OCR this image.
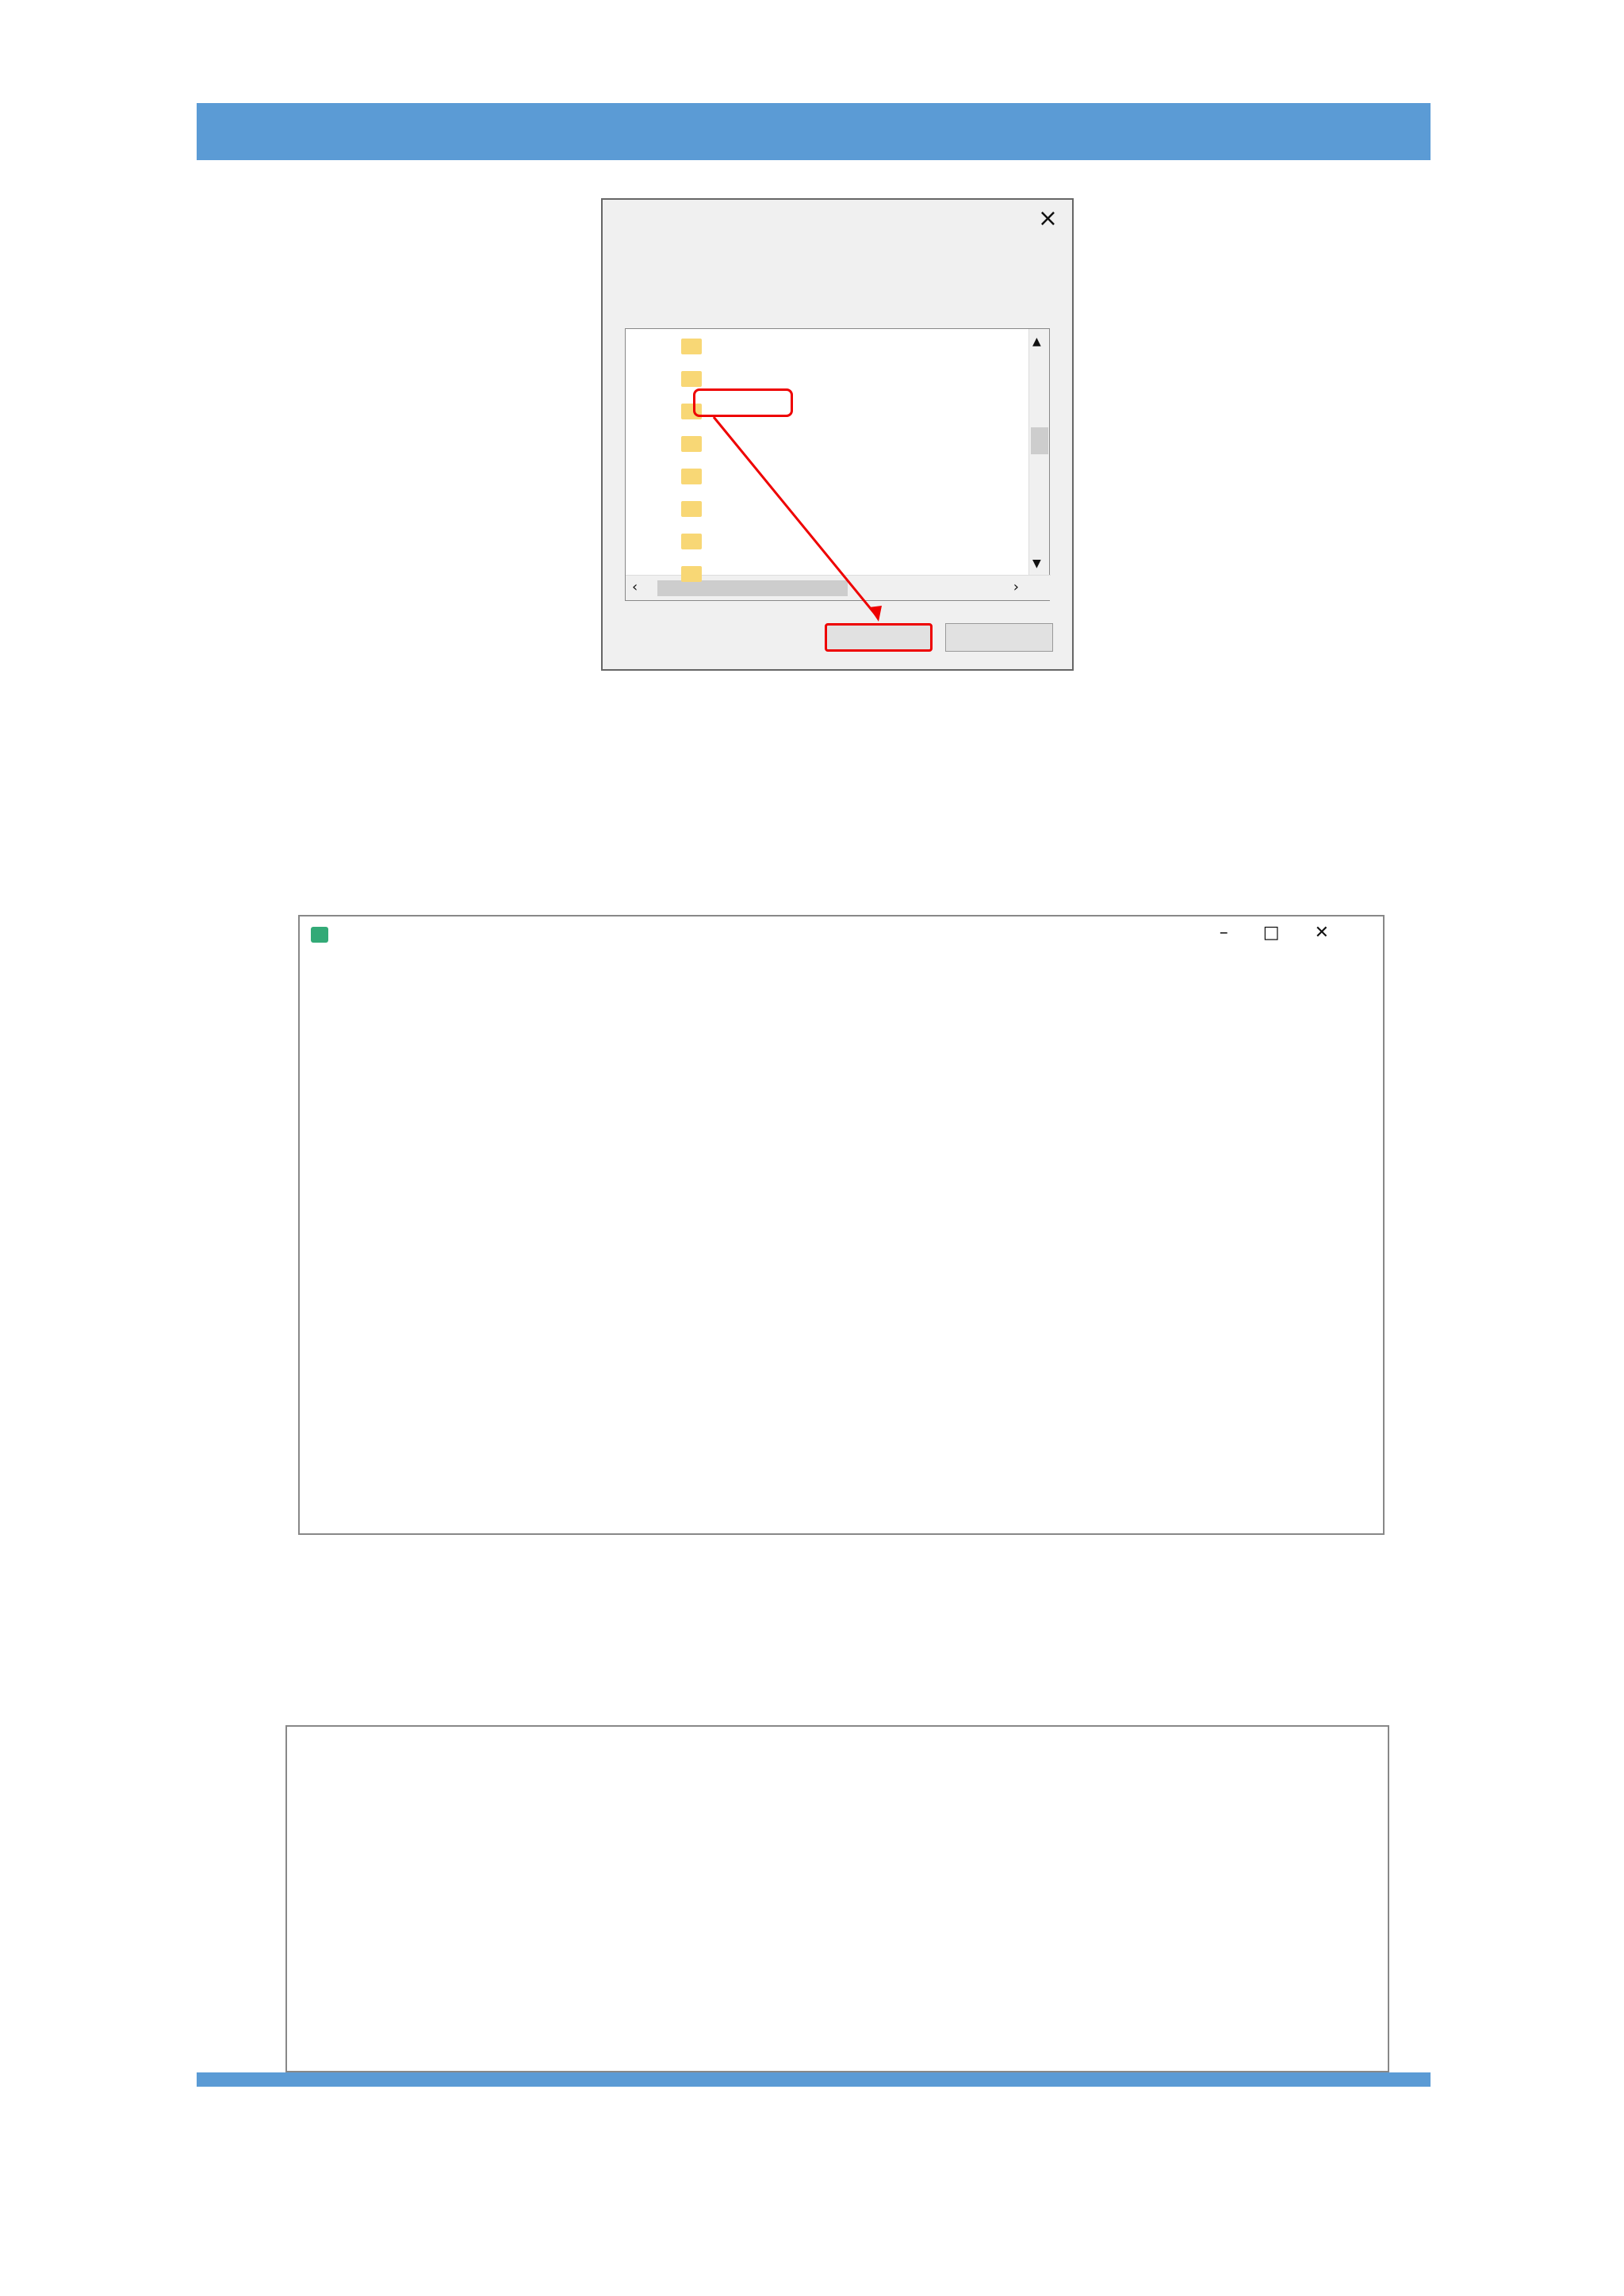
×
▲
▼
‹	›
–□✕
